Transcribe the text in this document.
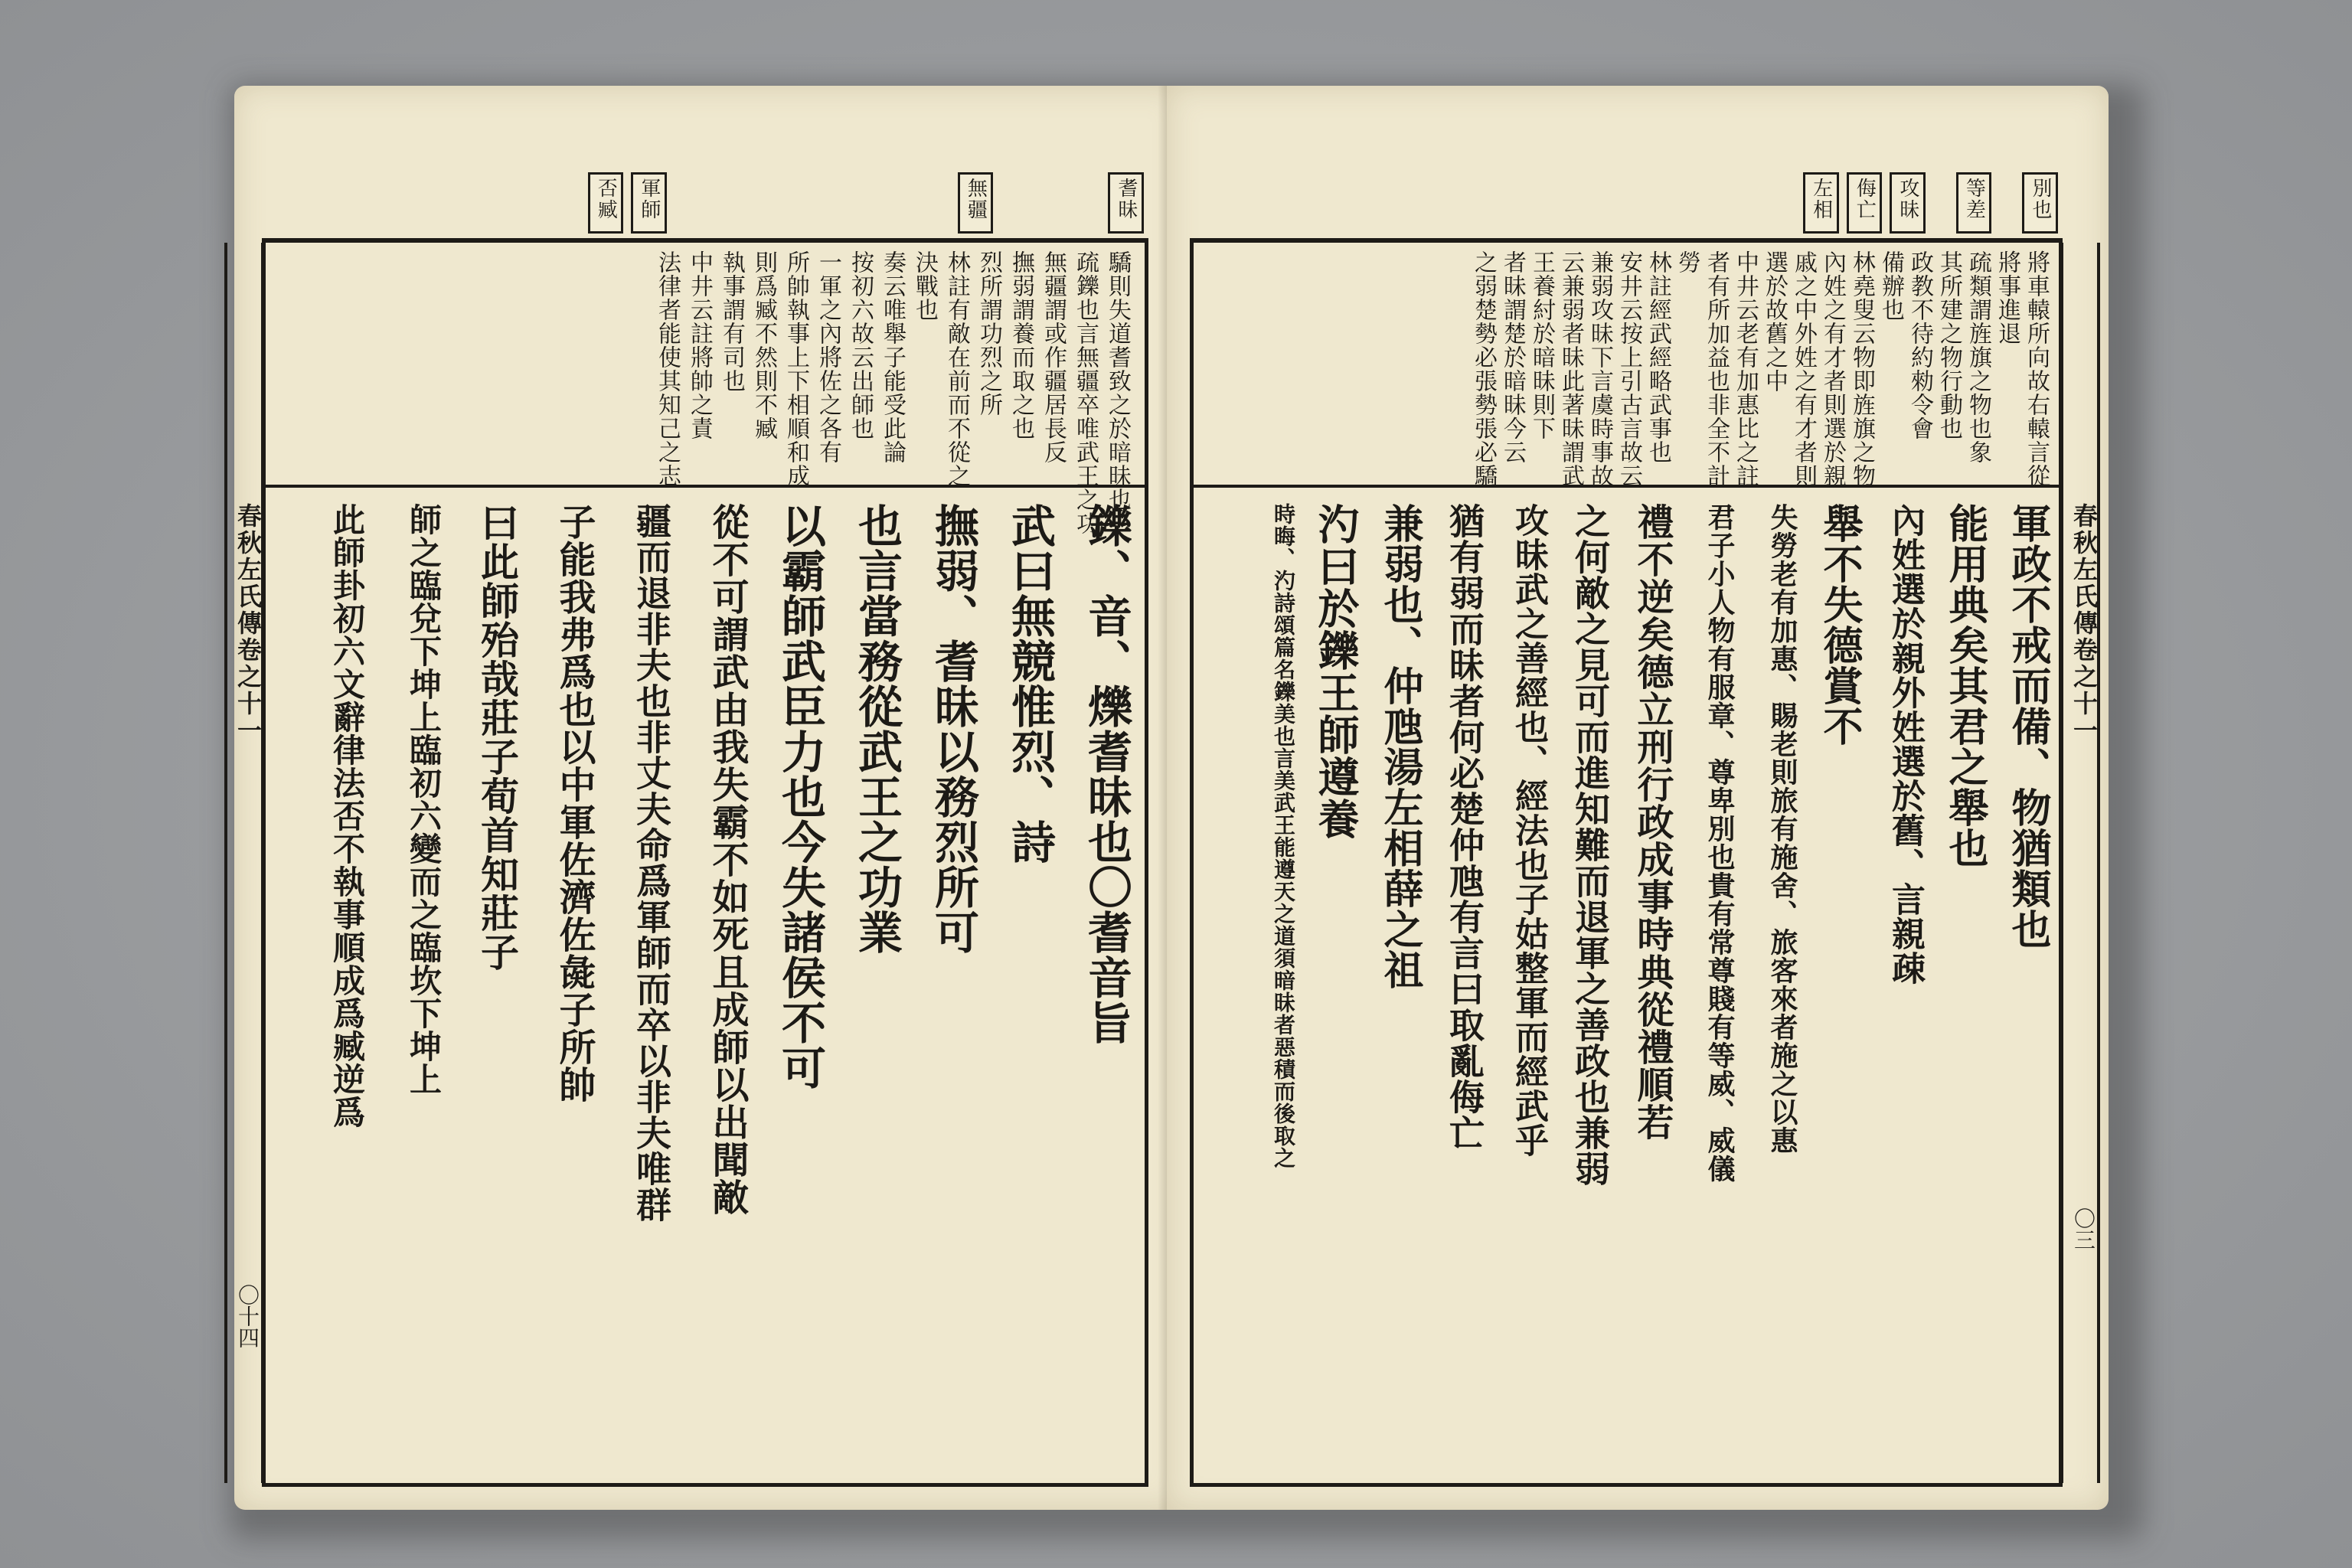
耆昧
無疆
軍師
否臧
春秋左氏傳卷之十一
〇十四
驕則失道耆致之於暗昧也
疏鑠也言無疆卒唯武王之功
無疆謂或作疆居長反
撫弱謂養而取之也
烈所謂功烈之所
林註有敵在前而不從之
決戰也
奏云唯舉子能受此論
按初六故云出師也
一軍之內將佐之各有
所帥執事上下相順和成
則爲臧不然則不臧
執事謂有司也
中井云註將帥之責
法律者能使其知己之志
鑠、音、爍耆昧也〇耆音旨
武曰無競惟烈、詩
撫弱、耆昧以務烈所可
也言當務從武王之功業
以霸師武臣力也今失諸侯不可
從不可謂武由我失霸不如死且成師以出聞敵
疆而退非夫也非丈夫命爲軍師而卒以非夫唯群
子能我弗爲也以中軍佐濟佐彘子所帥
曰此師殆哉莊子荀首知莊子
師之臨兌下坤上臨初六變而之臨坎下坤上
此師卦初六文辭律法否不執事順成爲臧逆爲
別也
等差
攻昧
侮亡
左相
春秋左氏傳卷之十一
〇三
將車轅所向故右轅言從
將事進退
疏類謂旌旗之物也象
其所建之物行動也
政教不待約勑令會
備辦也
林堯叟云物即旌旗之物
內姓之有才者則選於親
戚之中外姓之有才者則
選於故舊之中
中井云老有加惠比之註
者有所加益也非全不計
勞
林註經武經略武事也
安井云按上引古言故云
兼弱攻昧下言虞時事故
云兼弱者昧此著昧謂武
王養紂於暗昧則下
者昧謂楚於暗昧今云
之弱楚勢必張勢張必驕
軍政不戒而備、物猶類也
能用典矣其君之舉也
內姓選於親外姓選於舊、言親疎
舉不失德賞不
失勞老有加惠、賜老則旅有施舍、旅客來者施之以惠
君子小人物有服章、尊卑別也貴有常尊賤有等威、威儀
禮不逆矣德立刑行政成事時典從禮順若
之何敵之見可而進知難而退軍之善政也兼弱
攻昧武之善經也、經法也子姑整軍而經武乎
猶有弱而昧者何必楚仲虺有言曰取亂侮亡
兼弱也、仲虺湯左相薛之祖
汋曰於鑠王師遵養
時晦、汋詩頌篇名鑠美也言美武王能遵天之道須暗昧者惡積而後取之
